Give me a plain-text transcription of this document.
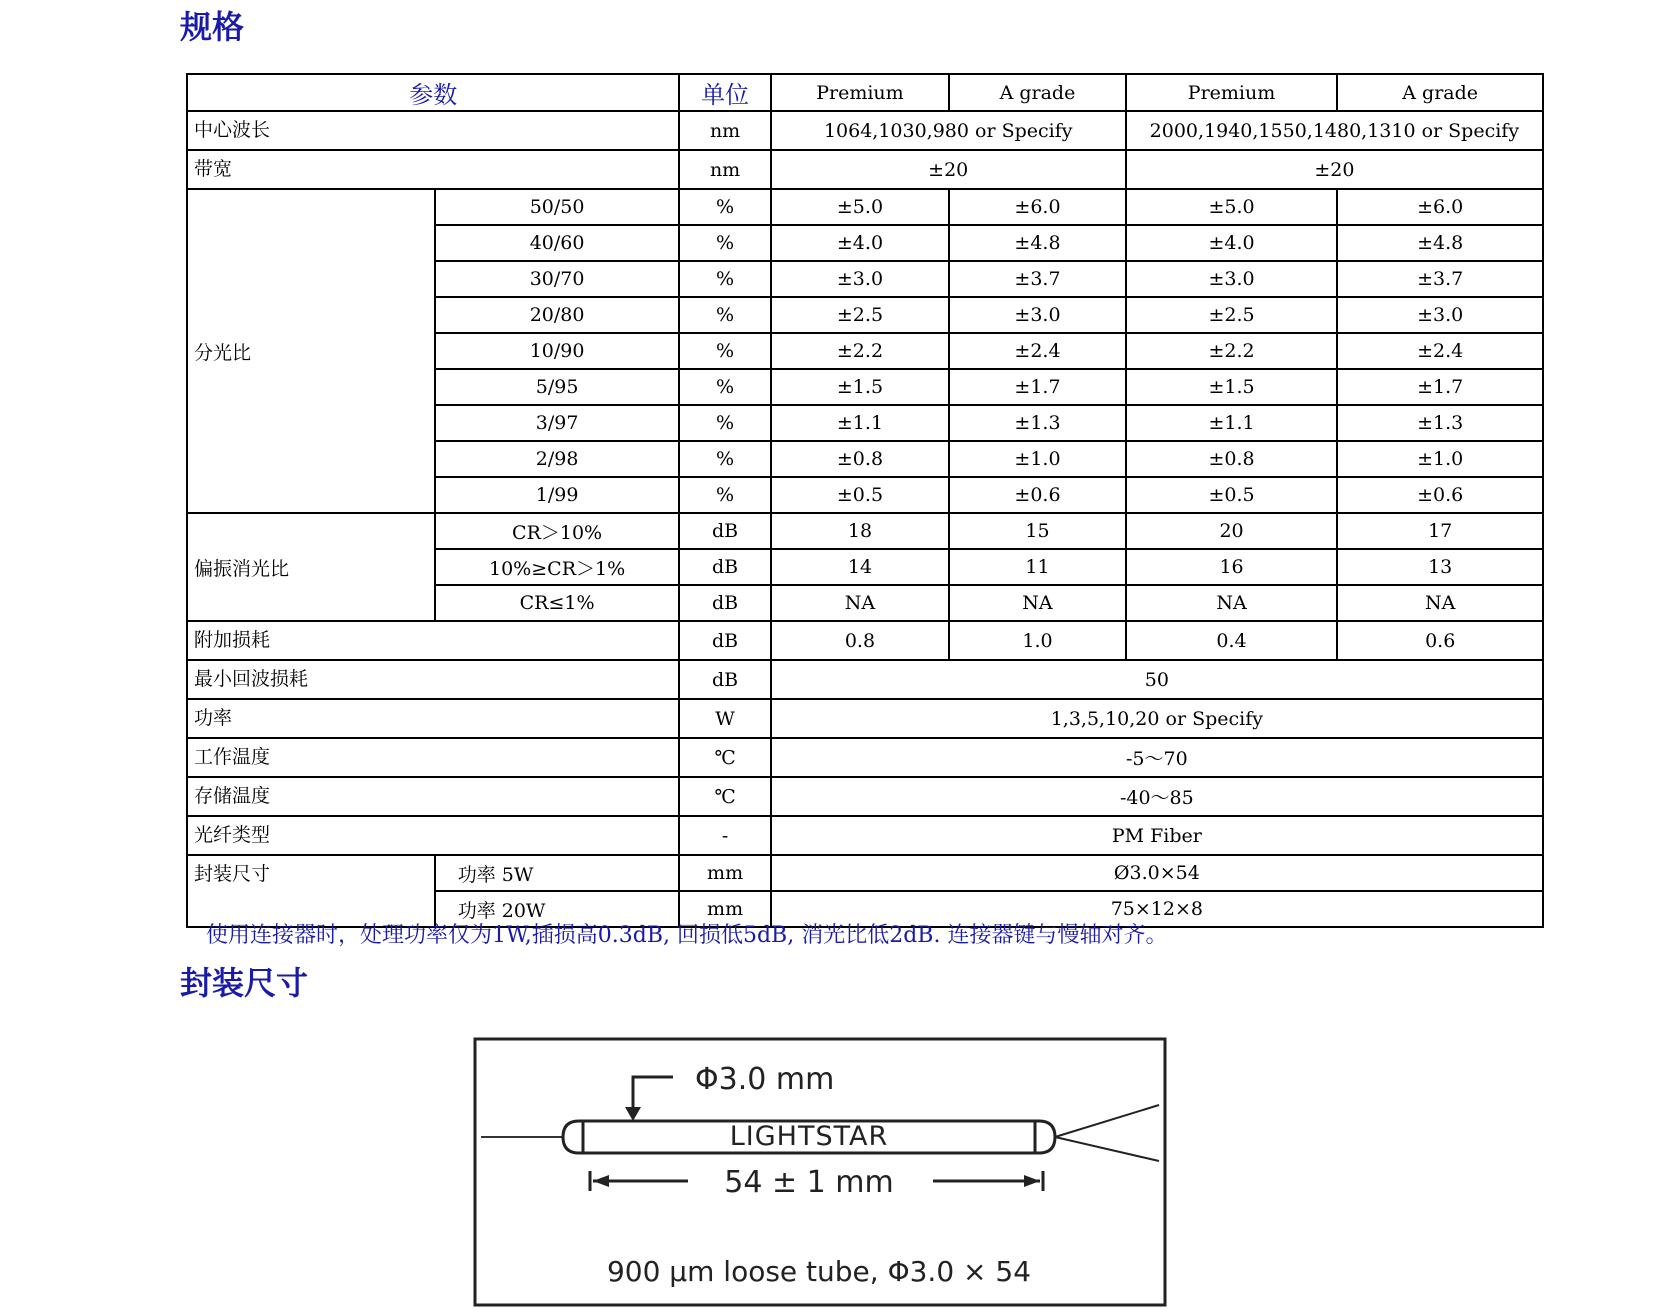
规格
参数		单位	Premium	A grade	Premium	A grade
中心波长		nm	1064,1030,980 or Specify		2000,1940,1550,1480,1310 or Specify	
带宽		nm	±20		±20	
分光比	50/50	%	±5.0	±6.0	±5.0	±6.0
	40/60	%	±4.0	±4.8	±4.0	±4.8
	30/70	%	±3.0	±3.7	±3.0	±3.7
	20/80	%	±2.5	±3.0	±2.5	±3.0
	10/90	%	±2.2	±2.4	±2.2	±2.4
	5/95	%	±1.5	±1.7	±1.5	±1.7
	3/97	%	±1.1	±1.3	±1.1	±1.3
	2/98	%	±0.8	±1.0	±0.8	±1.0
	1/99	%	±0.5	±0.6	±0.5	±0.6
偏振消光比	CR＞10%	dB	18	15	20	17
	10%≥CR＞1%	dB	14	11	16	13
	CR≤1%	dB	NA	NA	NA	NA
附加损耗		dB	0.8	1.0	0.4	0.6
最小回波损耗		dB	50			
功率		W	1,3,5,10,20 or Specify			
工作温度		℃	-5～70			
存储温度		℃	-40～85			
光纤类型		-	PM Fiber			
封装尺寸	功率 5W	mm	Ø3.0×54			
	功率 20W	mm	75×12×8			

使用连接器时，处理功率仅为1W,插损高0.3dB, 回损低5dB, 消光比低2dB. 连接器键与慢轴对齐。

封装尺寸
Φ3.0 mm
LIGHTSTAR
54 ± 1 mm
900 μm loose tube, Φ3.0 × 54
